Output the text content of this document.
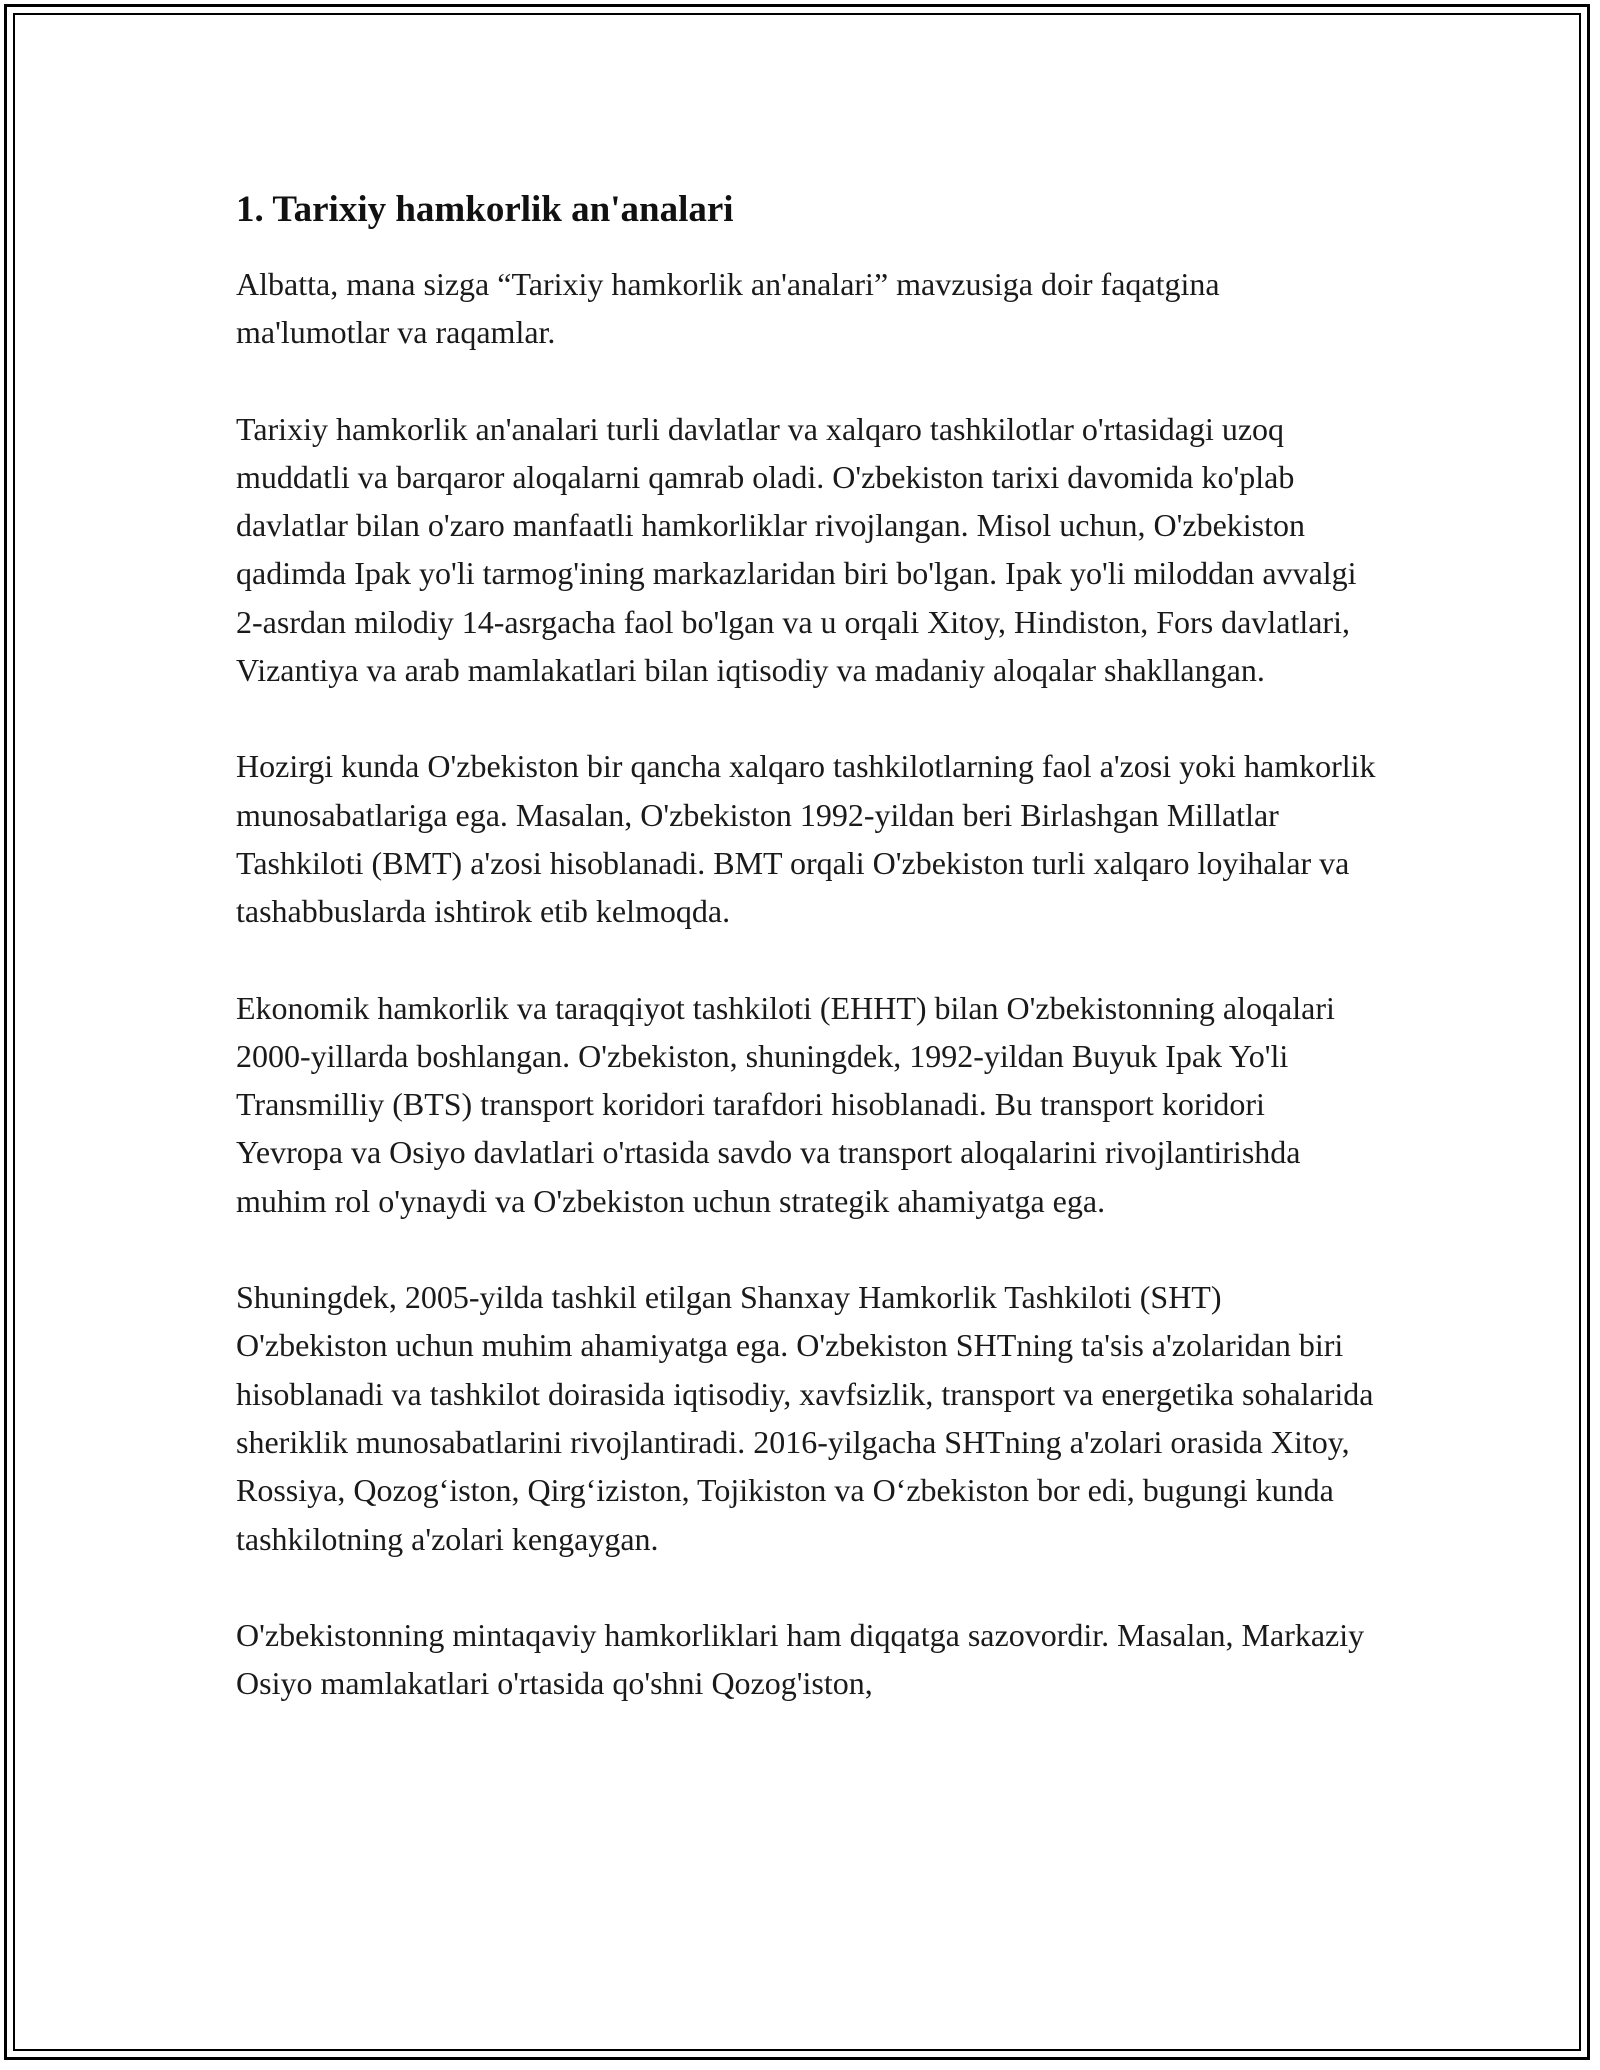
1. Tarixiy hamkorlik an'analari

Albatta, mana sizga “Tarixiy hamkorlik an'analari” mavzusiga doir faqatgina ma'lumotlar va raqamlar.

Tarixiy hamkorlik an'analari turli davlatlar va xalqaro tashkilotlar o'rtasidagi uzoq muddatli va barqaror aloqalarni qamrab oladi. O'zbekiston tarixi davomida ko'plab davlatlar bilan o'zaro manfaatli hamkorliklar rivojlangan. Misol uchun, O'zbekiston qadimda Ipak yo'li tarmog'ining markazlaridan biri bo'lgan. Ipak yo'li miloddan avvalgi 2-asrdan milodiy 14-asrgacha faol bo'lgan va u orqali Xitoy, Hindiston, Fors davlatlari, Vizantiya va arab mamlakatlari bilan iqtisodiy va madaniy aloqalar shakllangan.

Hozirgi kunda O'zbekiston bir qancha xalqaro tashkilotlarning faol a'zosi yoki hamkorlik munosabatlariga ega. Masalan, O'zbekiston 1992-yildan beri Birlashgan Millatlar Tashkiloti (BMT) a'zosi hisoblanadi. BMT orqali O'zbekiston turli xalqaro loyihalar va tashabbuslarda ishtirok etib kelmoqda.

Ekonomik hamkorlik va taraqqiyot tashkiloti (EHHT) bilan O'zbekistonning aloqalari 2000-yillarda boshlangan. O'zbekiston, shuningdek, 1992-yildan Buyuk Ipak Yo'li Transmilliy (BTS) transport koridori tarafdori hisoblanadi. Bu transport koridori Yevropa va Osiyo davlatlari o'rtasida savdo va transport aloqalarini rivojlantirishda muhim rol o'ynaydi va O'zbekiston uchun strategik ahamiyatga ega.

Shuningdek, 2005-yilda tashkil etilgan Shanxay Hamkorlik Tashkiloti (SHT) O'zbekiston uchun muhim ahamiyatga ega. O'zbekiston SHTning ta'sis a'zolaridan biri hisoblanadi va tashkilot doirasida iqtisodiy, xavfsizlik, transport va energetika sohalarida sheriklik munosabatlarini rivojlantiradi. 2016-yilgacha SHTning a'zolari orasida Xitoy, Rossiya, Qozog‘iston, Qirg‘iziston, Tojikiston va O‘zbekiston bor edi, bugungi kunda tashkilotning a'zolari kengaygan.

O'zbekistonning mintaqaviy hamkorliklari ham diqqatga sazovordir. Masalan, Markaziy Osiyo mamlakatlari o'rtasida qo'shni Qozog'iston,
